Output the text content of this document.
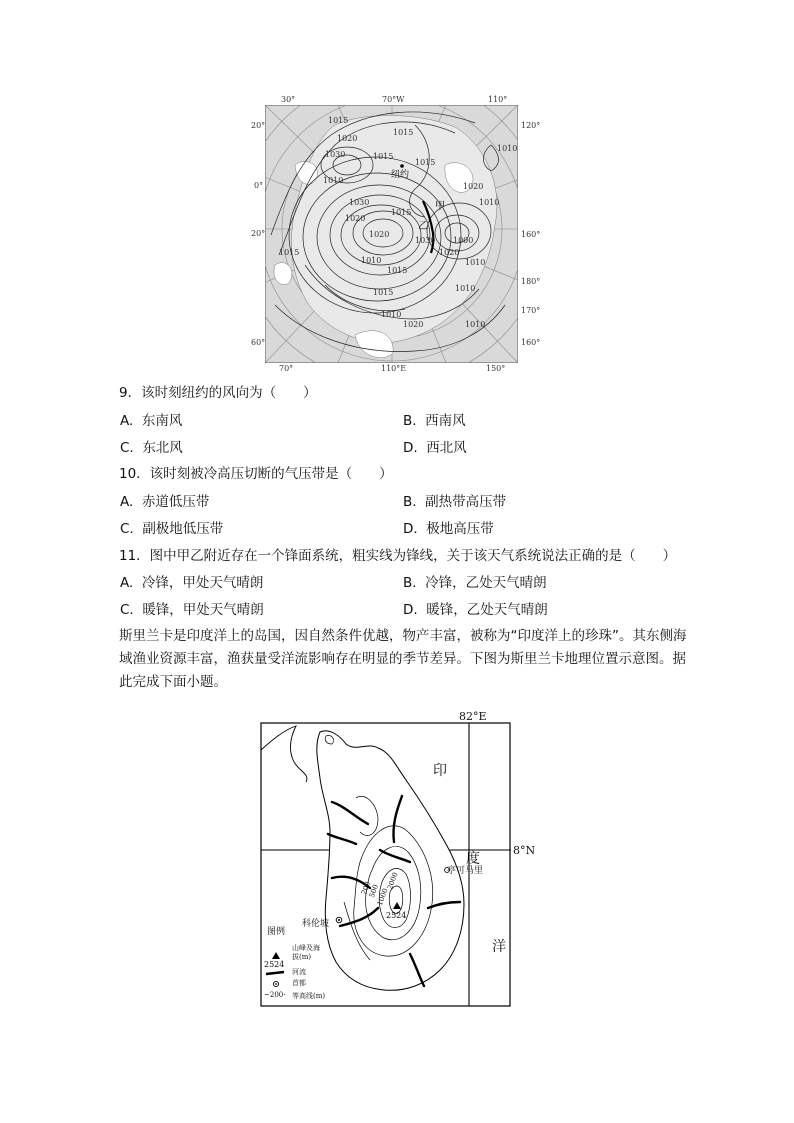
1015
1020
1015
1015
1010
1020
1010
1015
1030
1010
1015
1015
1020
1010
1015
1020
1030
1030
1020
1000
1010
1010
1015
1010
1020
1010
纽约
甲
乙
30°	70°W	110°
20°
0°
20°
60°
120°
160°
180°
170°
160°
70°	110°E	150°
9．该时刻纽约的风向为（　　）
A. 东南风	B. 西南风
C. 东北风	D. 西北风
10．该时刻被冷高压切断的气压带是（　　）
A. 赤道低压带	B. 副热带高压带
C. 副极地低压带	D. 极地高压带
11．图中甲乙附近存在一个锋面系统，粗实线为锋线，关于该天气系统说法正确的是（　　）
A. 冷锋，甲处天气晴朗	B. 冷锋，乙处天气晴朗
C. 暖锋，甲处天气晴朗	D. 暖锋，乙处天气晴朗
斯里兰卡是印度洋上的岛国，因自然条件优越，物产丰富，被称为“印度洋上的珍珠”。其东侧海域渔业资源丰富，渔获量受洋流影响存在明显的季节差异。下图为斯里兰卡地理位置示意图。据此完成下面小题。
82°E
8°N
印
度
洋
亭可马里
科伦坡
2524
200
500
1000
2000
图例
2524
山峰及海拔(m)
河流
首都
~200· 等高线(m)
